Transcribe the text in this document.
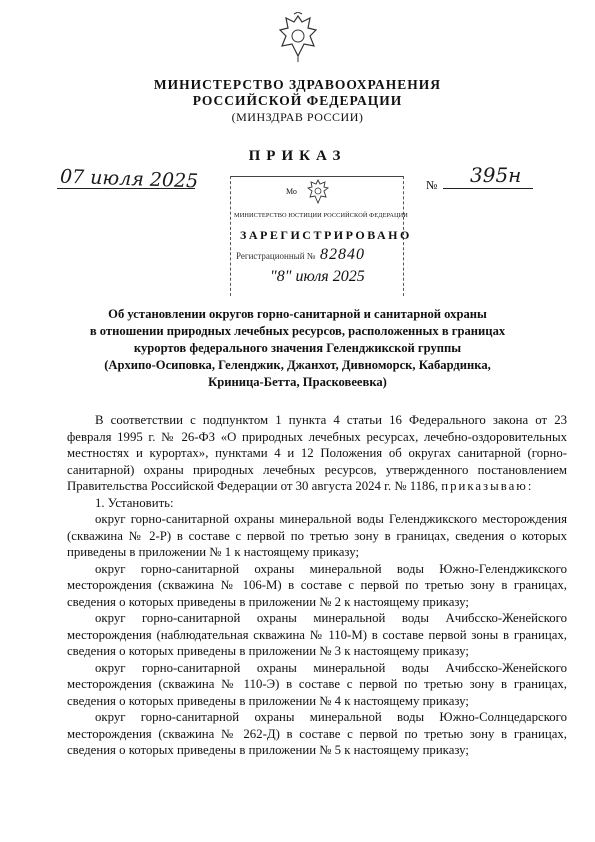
МИНИСТЕРСТВО ЗДРАВООХРАНЕНИЯ
РОССИЙСКОЙ ФЕДЕРАЦИИ
(МИНЗДРАВ РОССИИ)
ПРИКАЗ
07 июля 2025	№ 395н
Мо
МИНИСТЕРСТВО ЮСТИЦИИ РОССИЙСКОЙ ФЕДЕРАЦИИ
ЗАРЕГИСТРИРОВАНО
Регистрационный № 82840
"8" июля 2025
Об установлении округов горно-санитарной и санитарной охраны
в отношении природных лечебных ресурсов, расположенных в границах
курортов федерального значения Геленджикской группы
(Архипо-Осиповка, Геленджик, Джанхот, Дивноморск, Кабардинка,
Криница-Бетта, Прасковеевка)

В соответствии с подпунктом 1 пункта 4 статьи 16 Федерального закона от 23 февраля 1995 г. № 26-ФЗ «О природных лечебных ресурсах, лечебно-оздоровительных местностях и курортах», пунктами 4 и 12 Положения об округах санитарной (горно-санитарной) охраны природных лечебных ресурсов, утвержденного постановлением Правительства Российской Федерации от 30 августа 2024 г. № 1186, приказываю:

1. Установить:

округ горно-санитарной охраны минеральной воды Геленджикского месторождения (скважина № 2-Р) в составе с первой по третью зону в границах, сведения о которых приведены в приложении № 1 к настоящему приказу;

округ горно-санитарной охраны минеральной воды Южно-Геленджикского месторождения (скважина № 106-М) в составе с первой по третью зону в границах, сведения о которых приведены в приложении № 2 к настоящему приказу;

округ горно-санитарной охраны минеральной воды Ачибсско-Женейского месторождения (наблюдательная скважина № 110-М) в составе первой зоны в границах, сведения о которых приведены в приложении № 3 к настоящему приказу;

округ горно-санитарной охраны минеральной воды Ачибсско-Женейского месторождения (скважина № 110-Э) в составе с первой по третью зону в границах, сведения о которых приведены в приложении № 4 к настоящему приказу;

округ горно-санитарной охраны минеральной воды Южно-Солнцедарского месторождения (скважина № 262-Д) в составе с первой по третью зону в границах, сведения о которых приведены в приложении № 5 к настоящему приказу;
